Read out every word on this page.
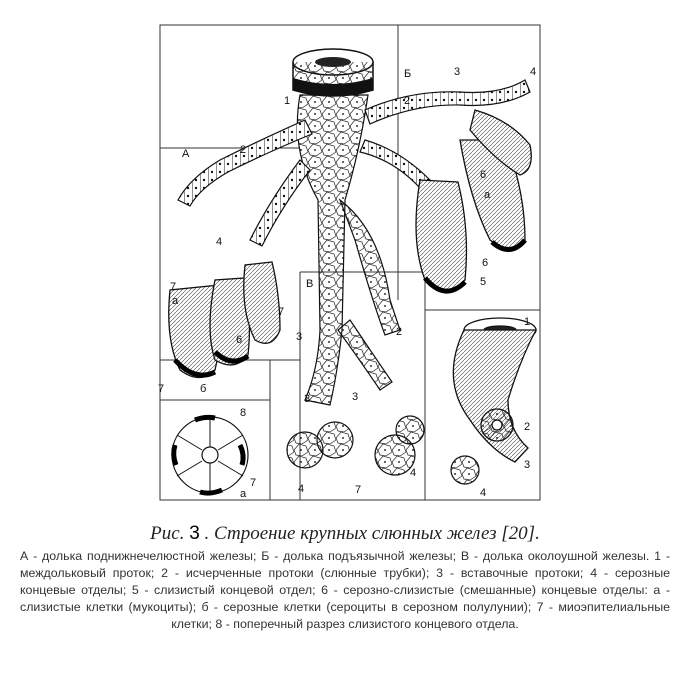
А
Б
В
1	2
3	4
2
4
7
а
б
7
6
7
3	2
3
3
4	7
4
6
а
5
6
1
2
3
4
8
7
а
Рис. 3 . Строение крупных слюнных желез [20].
А - долька поднижнечелюстной железы; Б - долька подъязычной железы; В - долька околоушной железы. 1 - междольковый проток; 2 - исчерченные протоки (слюнные трубки); 3 - вставочные протоки; 4 - серозные концевые отделы; 5 - слизистый концевой отдел; 6 - серозно-слизистые (смешанные) концевые отделы: а - слизистые клетки (мукоциты); б - серозные клетки (сероциты в серозном полулунии); 7 - миоэпителиальные клетки; 8 - поперечный разрез слизистого концевого отдела.
